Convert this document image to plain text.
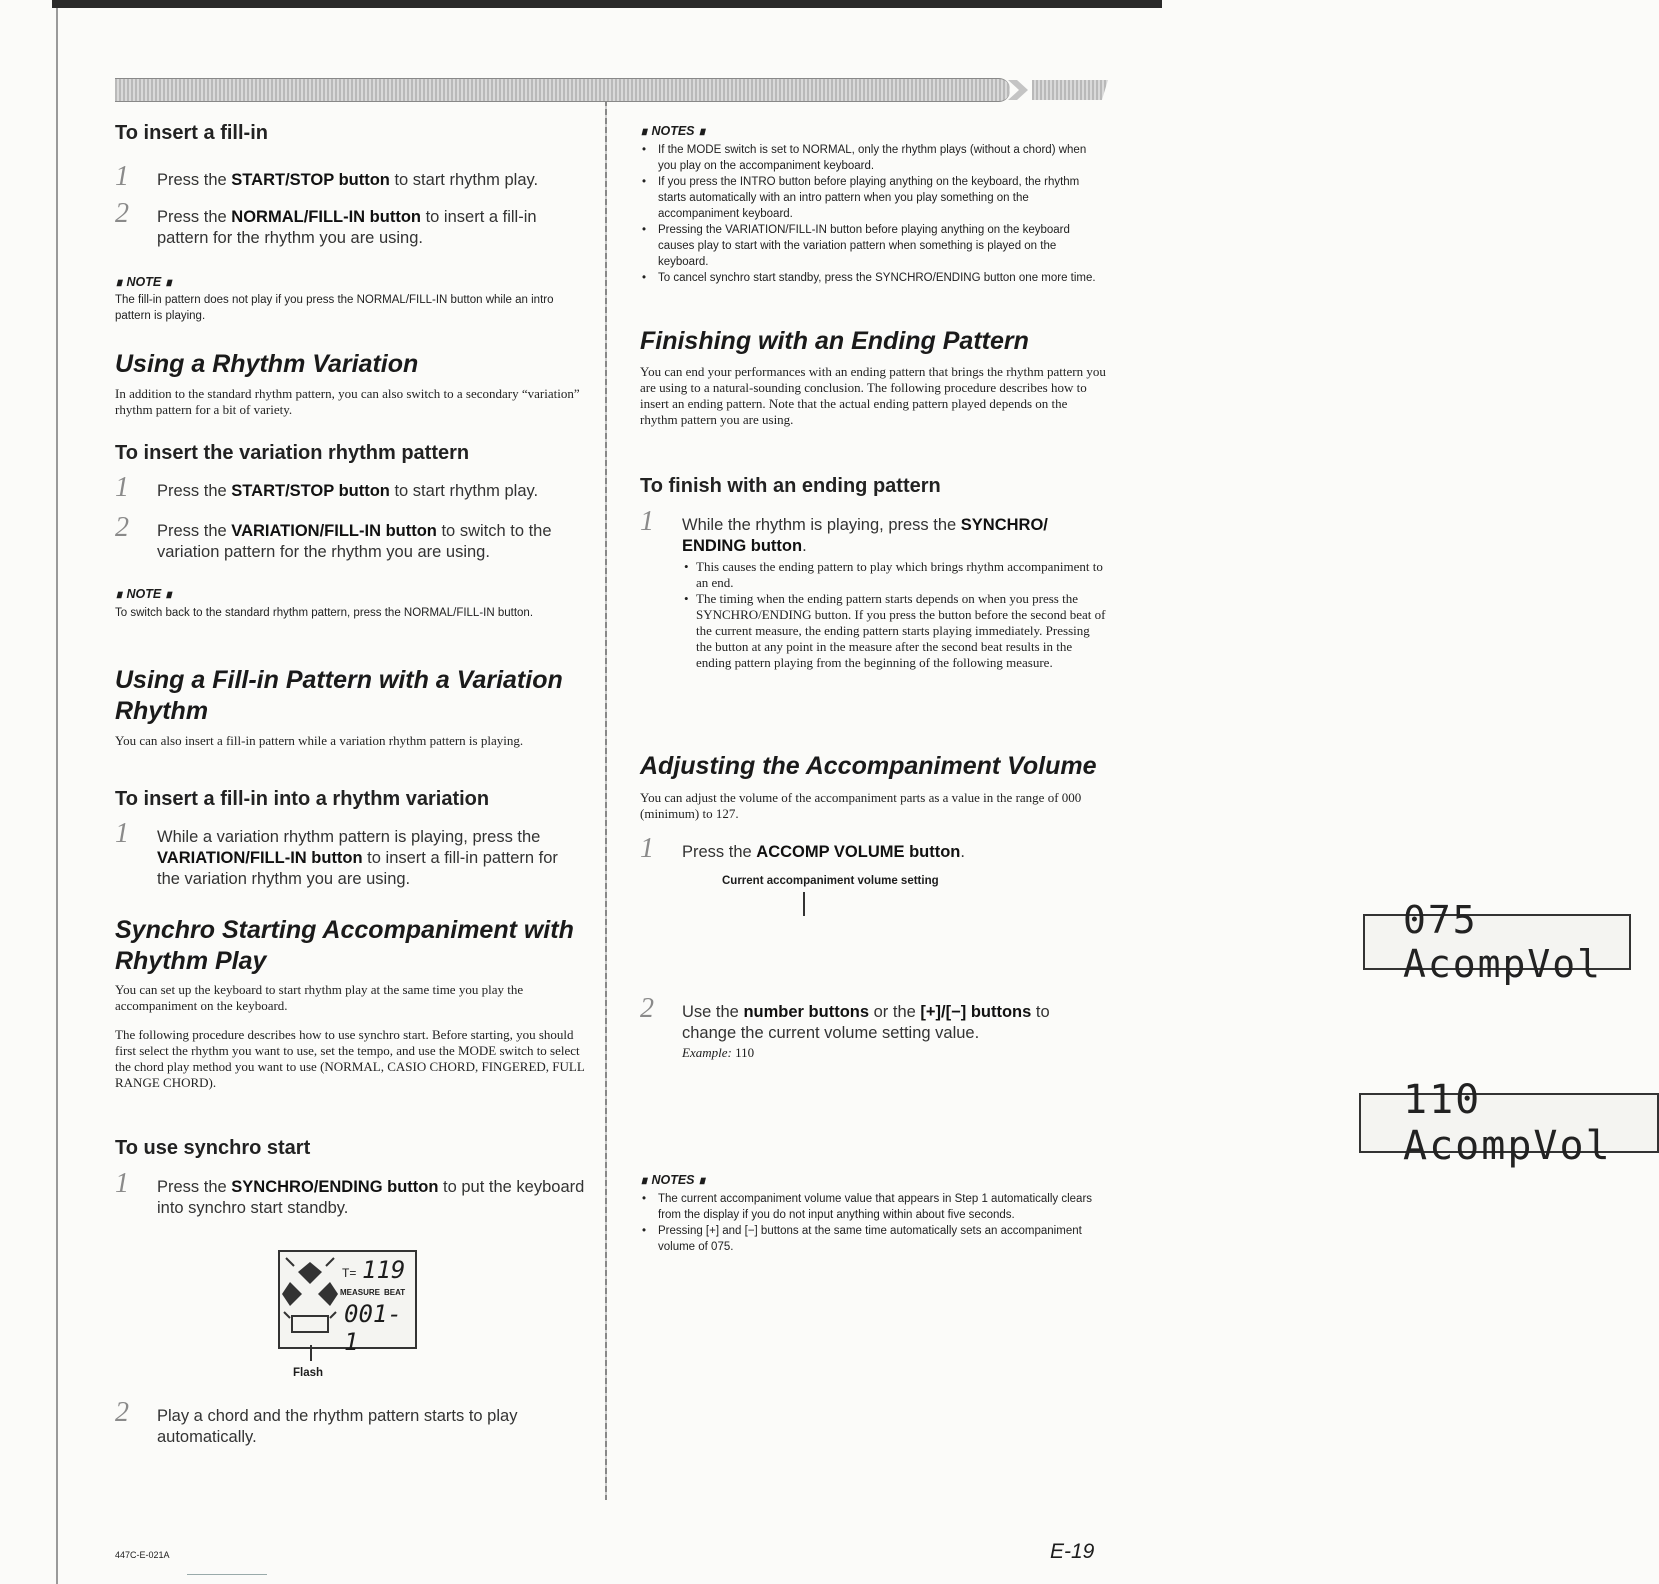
To insert a fill-in
1 Press the START/STOP button to start rhythm play.
2 Press the NORMAL/FILL-IN button to insert a fill-in pattern for the rhythm you are using.
∎ NOTE ∎

The fill-in pattern does not play if you press the NORMAL/FILL-IN button while an intro pattern is playing.

Using a Rhythm Variation

In addition to the standard rhythm pattern, you can also switch to a secondary “variation” rhythm pattern for a bit of variety.

To insert the variation rhythm pattern
1 Press the START/STOP button to start rhythm play.
2 Press the VARIATION/FILL-IN button to switch to the variation pattern for the rhythm you are using.
∎ NOTE ∎

To switch back to the standard rhythm pattern, press the NORMAL/FILL-IN button.

Using a Fill-in Pattern with a Variation Rhythm

You can also insert a fill-in pattern while a variation rhythm pattern is playing.

To insert a fill-in into a rhythm variation
1 While a variation rhythm pattern is playing, press the VARIATION/FILL-IN button to insert a fill-in pattern for the variation rhythm you are using.
Synchro Starting Accompaniment with Rhythm Play

You can set up the keyboard to start rhythm play at the same time you play the accompaniment on the keyboard.

The following procedure describes how to use synchro start. Before starting, you should first select the rhythm you want to use, set the tempo, and use the MODE switch to select the chord play method you want to use (NORMAL, CASIO CHORD, FINGERED, FULL RANGE CHORD).

To use synchro start
1 Press the SYNCHRO/ENDING button to put the keyboard into synchro start standby.
T= 119
MEASURE BEAT
001-1
Flash
2 Play a chord and the rhythm pattern starts to play automatically.
∎ NOTES ∎
• If the MODE switch is set to NORMAL, only the rhythm plays (without a chord) when you play on the accompaniment keyboard.
• If you press the INTRO button before playing anything on the keyboard, the rhythm starts automatically with an intro pattern when you play something on the accompaniment keyboard.
• Pressing the VARIATION/FILL-IN button before playing anything on the keyboard causes play to start with the variation pattern when something is played on the keyboard.
• To cancel synchro start standby, press the SYNCHRO/ENDING button one more time.
Finishing with an Ending Pattern

You can end your performances with an ending pattern that brings the rhythm pattern you are using to a natural-sounding conclusion. The following procedure describes how to insert an ending pattern. Note that the actual ending pattern played depends on the rhythm pattern you are using.

To finish with an ending pattern
1 While the rhythm is playing, press the SYNCHRO/ ENDING button.
• This causes the ending pattern to play which brings rhythm accompaniment to an end.
• The timing when the ending pattern starts depends on when you press the SYNCHRO/ENDING button. If you press the button before the second beat of the current measure, the ending pattern starts playing immediately. Pressing the button at any point in the measure after the second beat results in the ending pattern playing from the beginning of the following measure.
Adjusting the Accompaniment Volume

You can adjust the volume of the accompaniment parts as a value in the range of 000 (minimum) to 127.

1 Press the ACCOMP VOLUME button.
Current accompaniment volume setting
075 AcompVol
2 Use the number buttons or the [+]/[−] buttons to change the current volume setting value.
Example: 110
110 AcompVol
∎ NOTES ∎
• The current accompaniment volume value that appears in Step 1 automatically clears from the display if you do not input anything within about five seconds.
• Pressing [+] and [−] buttons at the same time automatically sets an accompaniment volume of 075.
447C-E-021A	E-19
